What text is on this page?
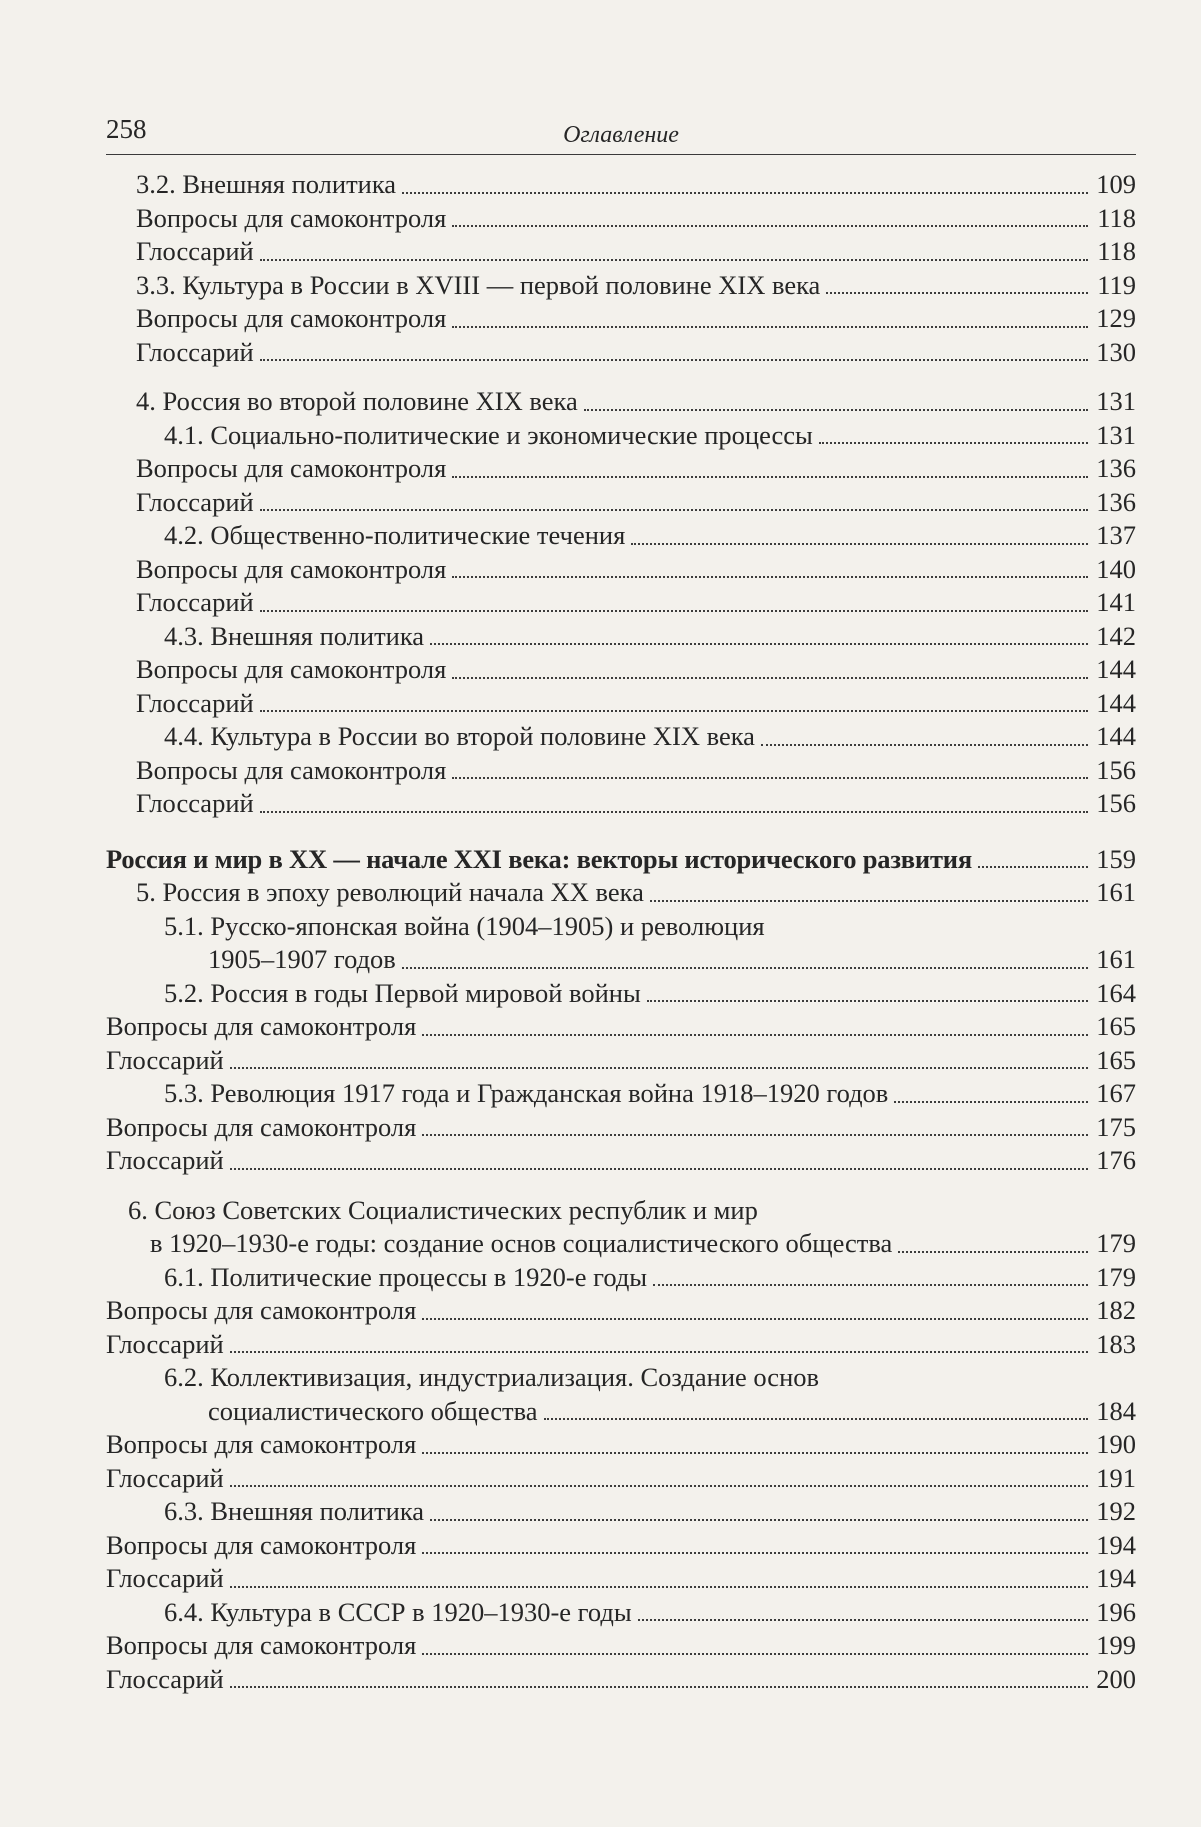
258	Оглавление
3.2. Внешняя политика	109
Вопросы для самоконтроля	118
Глоссарий	118
3.3. Культура в России в XVIII — первой половине XIX века	119
Вопросы для самоконтроля	129
Глоссарий	130
4. Россия во второй половине XIX века	131
4.1. Социально-политические и экономические процессы	131
Вопросы для самоконтроля	136
Глоссарий	136
4.2. Общественно-политические течения	137
Вопросы для самоконтроля	140
Глоссарий	141
4.3. Внешняя политика	142
Вопросы для самоконтроля	144
Глоссарий	144
4.4. Культура в России во второй половине XIX века	144
Вопросы для самоконтроля	156
Глоссарий	156
Россия и мир в XX — начале XXI века: векторы исторического развития	159
5. Россия в эпоху революций начала XX века	161
5.1. Русско-японская война (1904–1905) и революция
1905–1907 годов	161
5.2. Россия в годы Первой мировой войны	164
Вопросы для самоконтроля	165
Глоссарий	165
5.3. Революция 1917 года и Гражданская война 1918–1920 годов	167
Вопросы для самоконтроля	175
Глоссарий	176
6. Союз Советских Социалистических республик и мир
в 1920–1930-е годы: создание основ социалистического общества	179
6.1. Политические процессы в 1920-е годы	179
Вопросы для самоконтроля	182
Глоссарий	183
6.2. Коллективизация, индустриализация. Создание основ
социалистического общества	184
Вопросы для самоконтроля	190
Глоссарий	191
6.3. Внешняя политика	192
Вопросы для самоконтроля	194
Глоссарий	194
6.4. Культура в СССР в 1920–1930-е годы	196
Вопросы для самоконтроля	199
Глоссарий	200
